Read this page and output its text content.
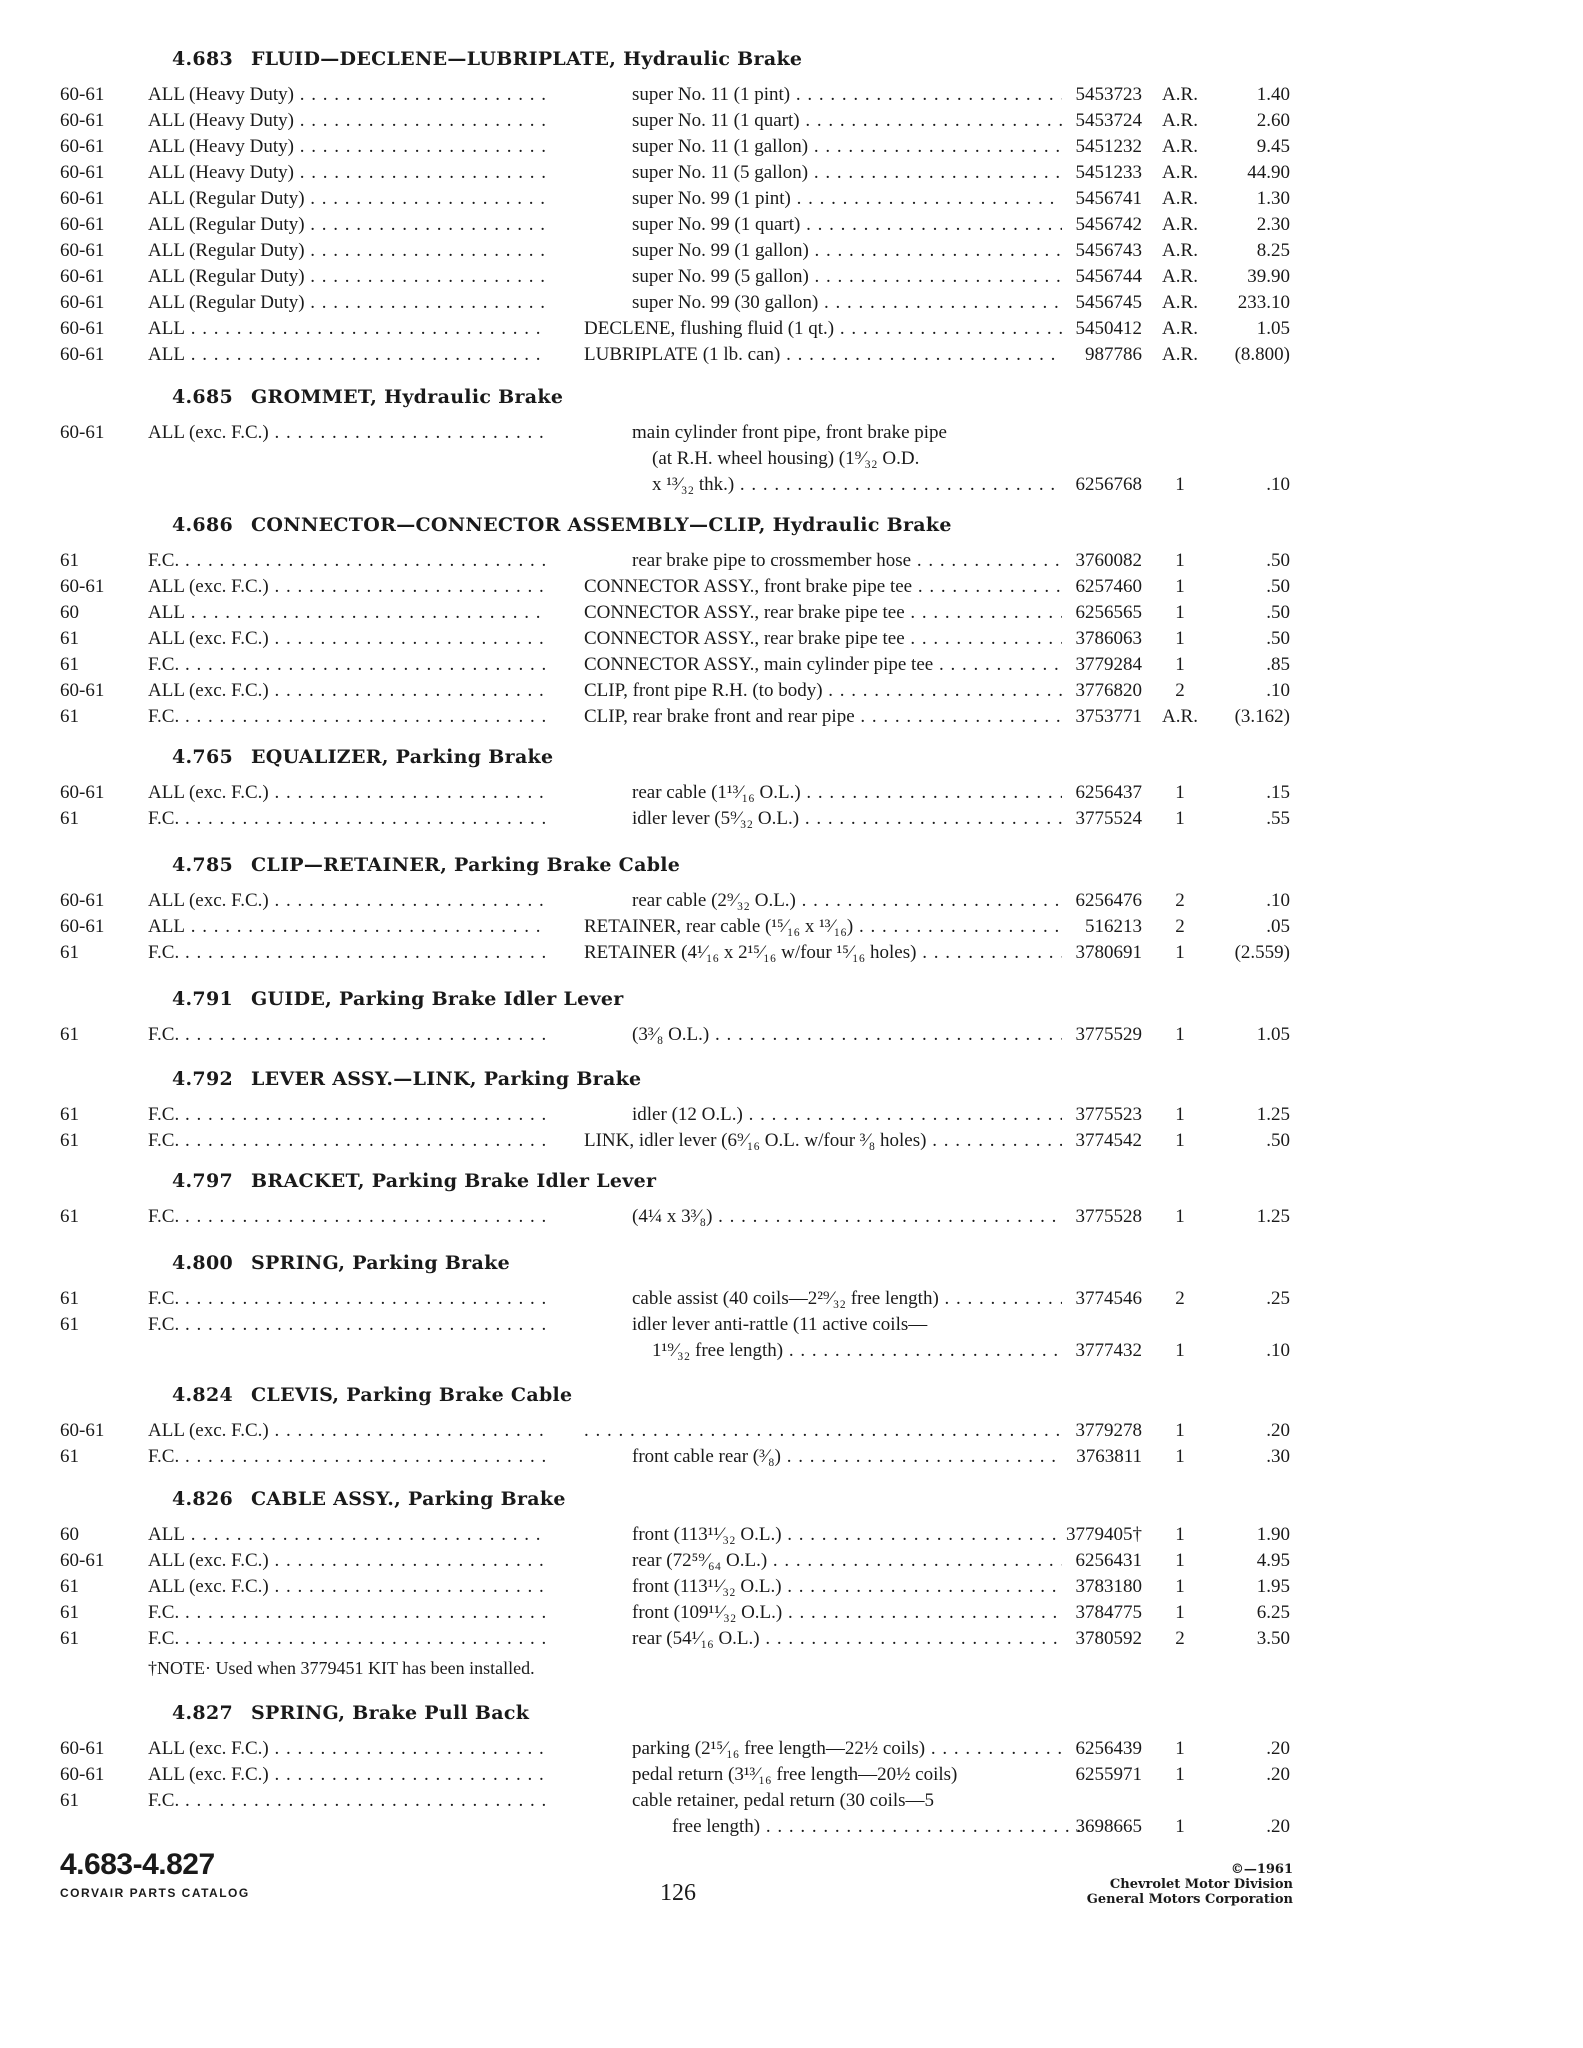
4.683 FLUID—DECLENE—LUBRIPLATE, Hydraulic Brake
60-61 ALL (Heavy Duty) . . .	super No. 11 (1 pint) . . .	5453723 A.R.	1.40
60-61 ALL (Heavy Duty) . . .	super No. 11 (1 quart) . . .	5453724 A.R.	2.60
60-61 ALL (Heavy Duty) . . .	super No. 11 (1 gallon) . . .	5451232 A.R.	9.45
60-61 ALL (Heavy Duty) . . .	super No. 11 (5 gallon) . . .	5451233 A.R.	44.90
60-61 ALL (Regular Duty) . . .	super No. 99 (1 pint) . . .	5456741 A.R.	1.30
60-61 ALL (Regular Duty) . . .	super No. 99 (1 quart) . . .	5456742 A.R.	2.30
60-61 ALL (Regular Duty) . . .	super No. 99 (1 gallon) . . .	5456743 A.R.	8.25
60-61 ALL (Regular Duty) . . .	super No. 99 (5 gallon) . . .	5456744 A.R.	39.90
60-61 ALL (Regular Duty) . . .	super No. 99 (30 gallon) . . .	5456745 A.R.	233.10
60-61 ALL . . .	DECLENE, flushing fluid (1 qt.) . . .	5450412 A.R.	1.05
60-61 ALL . . .	LUBRIPLATE (1 lb. can) . . .	987786 A.R.	(8.800)
4.685 GROMMET, Hydraulic Brake
60-61 ALL (exc. F.C.) . . .	main cylinder front pipe, front brake pipe
(at R.H. wheel housing) (1⁹⁄₃₂ O.D.
x ¹³⁄₃₂ thk.) . . .	6256768	1	.10
4.686 CONNECTOR—CONNECTOR ASSEMBLY—CLIP, Hydraulic Brake
61	F.C. . . .	rear brake pipe to crossmember hose . . .	3760082	1	.50
60-61 ALL (exc. F.C.) . . .	CONNECTOR ASSY., front brake pipe tee . . .	6257460	1	.50
60	ALL . . .	CONNECTOR ASSY., rear brake pipe tee . . .	6256565	1	.50
61	ALL (exc. F.C.) . . .	CONNECTOR ASSY., rear brake pipe tee . . .	3786063	1	.50
61	F.C. . . .	CONNECTOR ASSY., main cylinder pipe tee . . .	3779284	1	.85
60-61 ALL (exc. F.C.) . . .	CLIP, front pipe R.H. (to body) . . .	3776820	2	.10
61	F.C. . . .	CLIP, rear brake front and rear pipe . . .	3753771 A.R.	(3.162)
4.765 EQUALIZER, Parking Brake
60-61 ALL (exc. F.C.) . . .	rear cable (1¹³⁄₁₆ O.L.) . . .	6256437	1	.15
61	F.C. . . .	idler lever (5⁹⁄₃₂ O.L.) . . .	3775524	1	.55
4.785 CLIP—RETAINER, Parking Brake Cable
60-61 ALL (exc. F.C.) . . .	rear cable (2⁹⁄₃₂ O.L.) . . .	6256476	2	.10
60-61 ALL . . .	RETAINER, rear cable (¹⁵⁄₁₆ x ¹³⁄₁₆) . . .	516213	2	.05
61	F.C. . . .	RETAINER (4¹⁄₁₆ x 2¹⁵⁄₁₆ w/four ¹⁵⁄₁₆ holes) . . .	3780691	1	(2.559)
4.791 GUIDE, Parking Brake Idler Lever
61	F.C. . . .	(3³⁄₈ O.L.) . . .	3775529	1	1.05
4.792 LEVER ASSY.—LINK, Parking Brake
61	F.C. . . .	idler (12 O.L.) . . .	3775523	1	1.25
61	F.C. . . .	LINK, idler lever (6⁹⁄₁₆ O.L. w/four ³⁄₈ holes) . . .	3774542	1	.50
4.797 BRACKET, Parking Brake Idler Lever
61	F.C. . . .	(4¼ x 3³⁄₈) . . .	3775528	1	1.25
4.800 SPRING, Parking Brake
61	F.C. . . .	cable assist (40 coils—2²⁹⁄₃₂ free length) . . .	3774546	2	.25
61	F.C. . . .	idler lever anti-rattle (11 active coils—
1¹⁹⁄₃₂ free length) . . .	3777432	1	.10
4.824 CLEVIS, Parking Brake Cable
60-61 ALL (exc. F.C.) . . . . . .	3779278	1	.20
61	F.C. . . .	front cable rear (³⁄₈) . . .	3763811	1	.30
4.826 CABLE ASSY., Parking Brake
60	ALL . . .	front (113¹¹⁄₃₂ O.L.) . . .	3779405†	1	1.90
60-61 ALL (exc. F.C.) . . .	rear (72⁵⁹⁄₆₄ O.L.) . . .	6256431	1	4.95
61	ALL (exc. F.C.) . . .	front (113¹¹⁄₃₂ O.L.) . . .	3783180	1	1.95
61	F.C. . . .	front (109¹¹⁄₃₂ O.L.) . . .	3784775	1	6.25
61	F.C. . . .	rear (54¹⁄₁₆ O.L.) . . .	3780592	2	3.50
†NOTE· Used when 3779451 KIT has been installed.
4.827 SPRING, Brake Pull Back
60-61 ALL (exc. F.C.) . . .	parking (2¹⁵⁄₁₆ free length—22½ coils) . . .	6256439	1	.20
60-61 ALL (exc. F.C.) . . .	pedal return (3¹³⁄₁₆ free length—20½ coils)	6255971	1	.20
61	F.C. . . .	cable retainer, pedal return (30 coils—5
free length) . . .	3698665	1	.20
4.683-4.827
CORVAIR PARTS CATALOG	126
©—1961
Chevrolet Motor Division
General Motors Corporation
